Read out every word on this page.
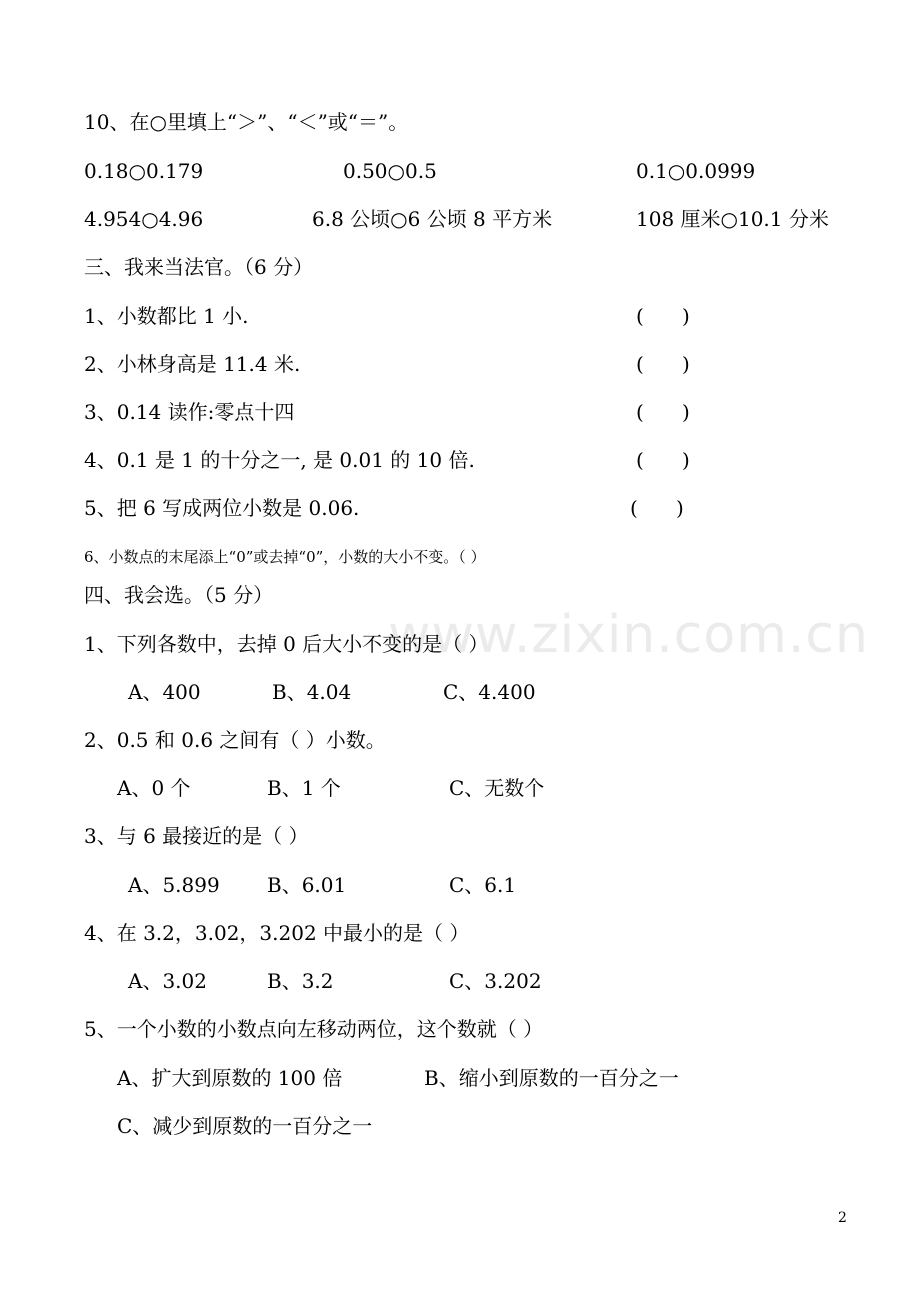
www.zixin.com.cn
10、在○里填上“＞”、“＜”或“＝”。
0.18○0.179	0.50○0.5	0.1○0.0999
4.954○4.96	6.8 公顷○6 公顷 8 平方米	108 厘米○10.1 分米
三、我来当法官。（6 分）
1、小数都比 1 小.	(      )
2、小林身高是 11.4 米.	(      )
3、0.14 读作:零点十四	(      )
4、0.1 是 1 的十分之一, 是 0.01 的 10 倍.	(      )
5、把 6 写成两位小数是 0.06.	(      )
6、小数点的末尾添上“0”或去掉“0”，小数的大小不变。（ ）
四、我会选。（5 分）
1、下列各数中，去掉 0 后大小不变的是（ ）
A、400	B、4.04	C、4.400
2、0.5 和 0.6 之间有（ ）小数。
A、0 个	B、1 个	C、无数个
3、与 6 最接近的是（ ）
A、5.899 B、6.01	C、6.1
4、在 3.2，3.02，3.202 中最小的是（ ）
A、3.02	B、3.2	C、3.202
5、一个小数的小数点向左移动两位，这个数就（ ）
A、扩大到原数的 100 倍	B、缩小到原数的一百分之一
C、减少到原数的一百分之一
2
